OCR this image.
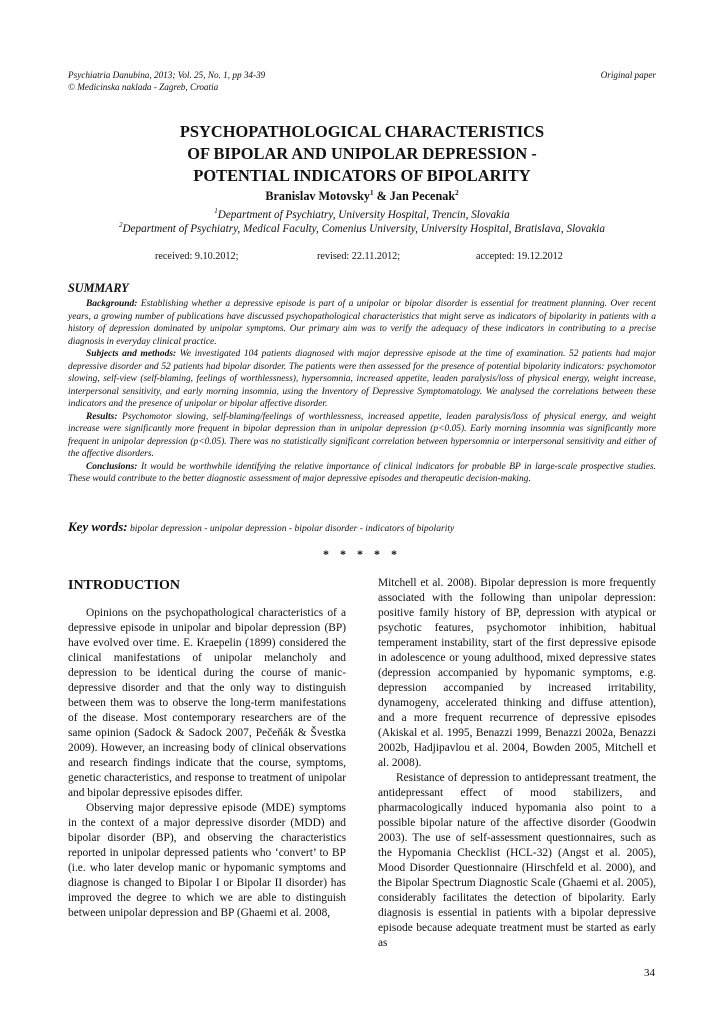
Psychiatria Danubina, 2013; Vol. 25, No. 1, pp 34-39
© Medicinska naklada - Zagreb, Croatia
Original paper
PSYCHOPATHOLOGICAL CHARACTERISTICS
OF BIPOLAR AND UNIPOLAR DEPRESSION -
POTENTIAL INDICATORS OF BIPOLARITY
Branislav Motovsky$^1$ & Jan Pecenak$^2$
$^1$Department of Psychiatry, University Hospital, Trencin, Slovakia
$^2$Department of Psychiatry, Medical Faculty, Comenius University, University Hospital, Bratislava, Slovakia
received: 9.10.2012;	revised: 22.11.2012;	accepted: 19.12.2012
SUMMARY

Background: Establishing whether a depressive episode is part of a unipolar or bipolar disorder is essential for treatment planning. Over recent years, a growing number of publications have discussed psychopathological characteristics that might serve as indicators of bipolarity in patients with a history of depression dominated by unipolar symptoms. Our primary aim was to verify the adequacy of these indicators in contributing to a precise diagnosis in everyday clinical practice.

Subjects and methods: We investigated 104 patients diagnosed with major depressive episode at the time of examination. 52 patients had major depressive disorder and 52 patients had bipolar disorder. The patients were then assessed for the presence of potential bipolarity indicators: psychomotor slowing, self-view (self-blaming, feelings of worthlessness), hypersomnia, increased appetite, leaden paralysis/loss of physical energy, weight increase, interpersonal sensitivity, and early morning insomnia, using the Inventory of Depressive Symptomatology. We analysed the correlations between these indicators and the presence of unipolar or bipolar affective disorder.

Results: Psychomotor slowing, self-blaming/feelings of worthlessness, increased appetite, leaden paralysis/loss of physical energy, and weight increase were significantly more frequent in bipolar depression than in unipolar depression (p<0.05). Early morning insomnia was significantly more frequent in unipolar depression (p<0.05). There was no statistically significant correlation between hypersomnia or interpersonal sensitivity and either of the affective disorders.

Conclusions: It would be worthwhile identifying the relative importance of clinical indicators for probable BP in large-scale prospective studies. These would contribute to the better diagnostic assessment of major depressive episodes and therapeutic decision-making.

Key words: bipolar depression - unipolar depression - bipolar disorder - indicators of bipolarity
* * * * *
INTRODUCTION

Opinions on the psychopathological characteristics of a depressive episode in unipolar and bipolar depression (BP) have evolved over time. E. Kraepelin (1899) considered the clinical manifestations of unipolar melancholy and depression to be identical during the course of manic-depressive disorder and that the only way to distinguish between them was to observe the long-term manifestations of the disease. Most contemporary researchers are of the same opinion (Sadock & Sadock 2007, Pečeňák & Švestka 2009). However, an increasing body of clinical observations and research findings indicate that the course, symptoms, genetic characteristics, and response to treatment of unipolar and bipolar depressive episodes differ.

Observing major depressive episode (MDE) symptoms in the context of a major depressive disorder (MDD) and bipolar disorder (BP), and observing the characteristics reported in unipolar depressed patients who ‘convert’ to BP (i.e. who later develop manic or hypomanic symptoms and diagnose is changed to Bipolar I or Bipolar II disorder) has improved the degree to which we are able to distinguish between unipolar depression and BP (Ghaemi et al. 2008,

Mitchell et al. 2008). Bipolar depression is more frequently associated with the following than unipolar depression: positive family history of BP, depression with atypical or psychotic features, psychomotor inhibition, habitual temperament instability, start of the first depressive episode in adolescence or young adulthood, mixed depressive states (depression accompanied by hypomanic symptoms, e.g. depression accompanied by increased irritability, dynamogeny, accelerated thinking and diffuse attention), and a more frequent recurrence of depressive episodes (Akiskal et al. 1995, Benazzi 1999, Benazzi 2002a, Benazzi 2002b, Hadjipavlou et al. 2004, Bowden 2005, Mitchell et al. 2008).

Resistance of depression to antidepressant treatment, the antidepressant effect of mood stabilizers, and pharmacologically induced hypomania also point to a possible bipolar nature of the affective disorder (Goodwin 2003). The use of self-assessment questionnaires, such as the Hypomania Checklist (HCL-32) (Angst et al. 2005), Mood Disorder Questionnaire (Hirschfeld et al. 2000), and the Bipolar Spectrum Diagnostic Scale (Ghaemi et al. 2005), considerably facilitates the detection of bipolarity. Early diagnosis is essential in patients with a bipolar depressive episode because adequate treatment must be started as early as

34
